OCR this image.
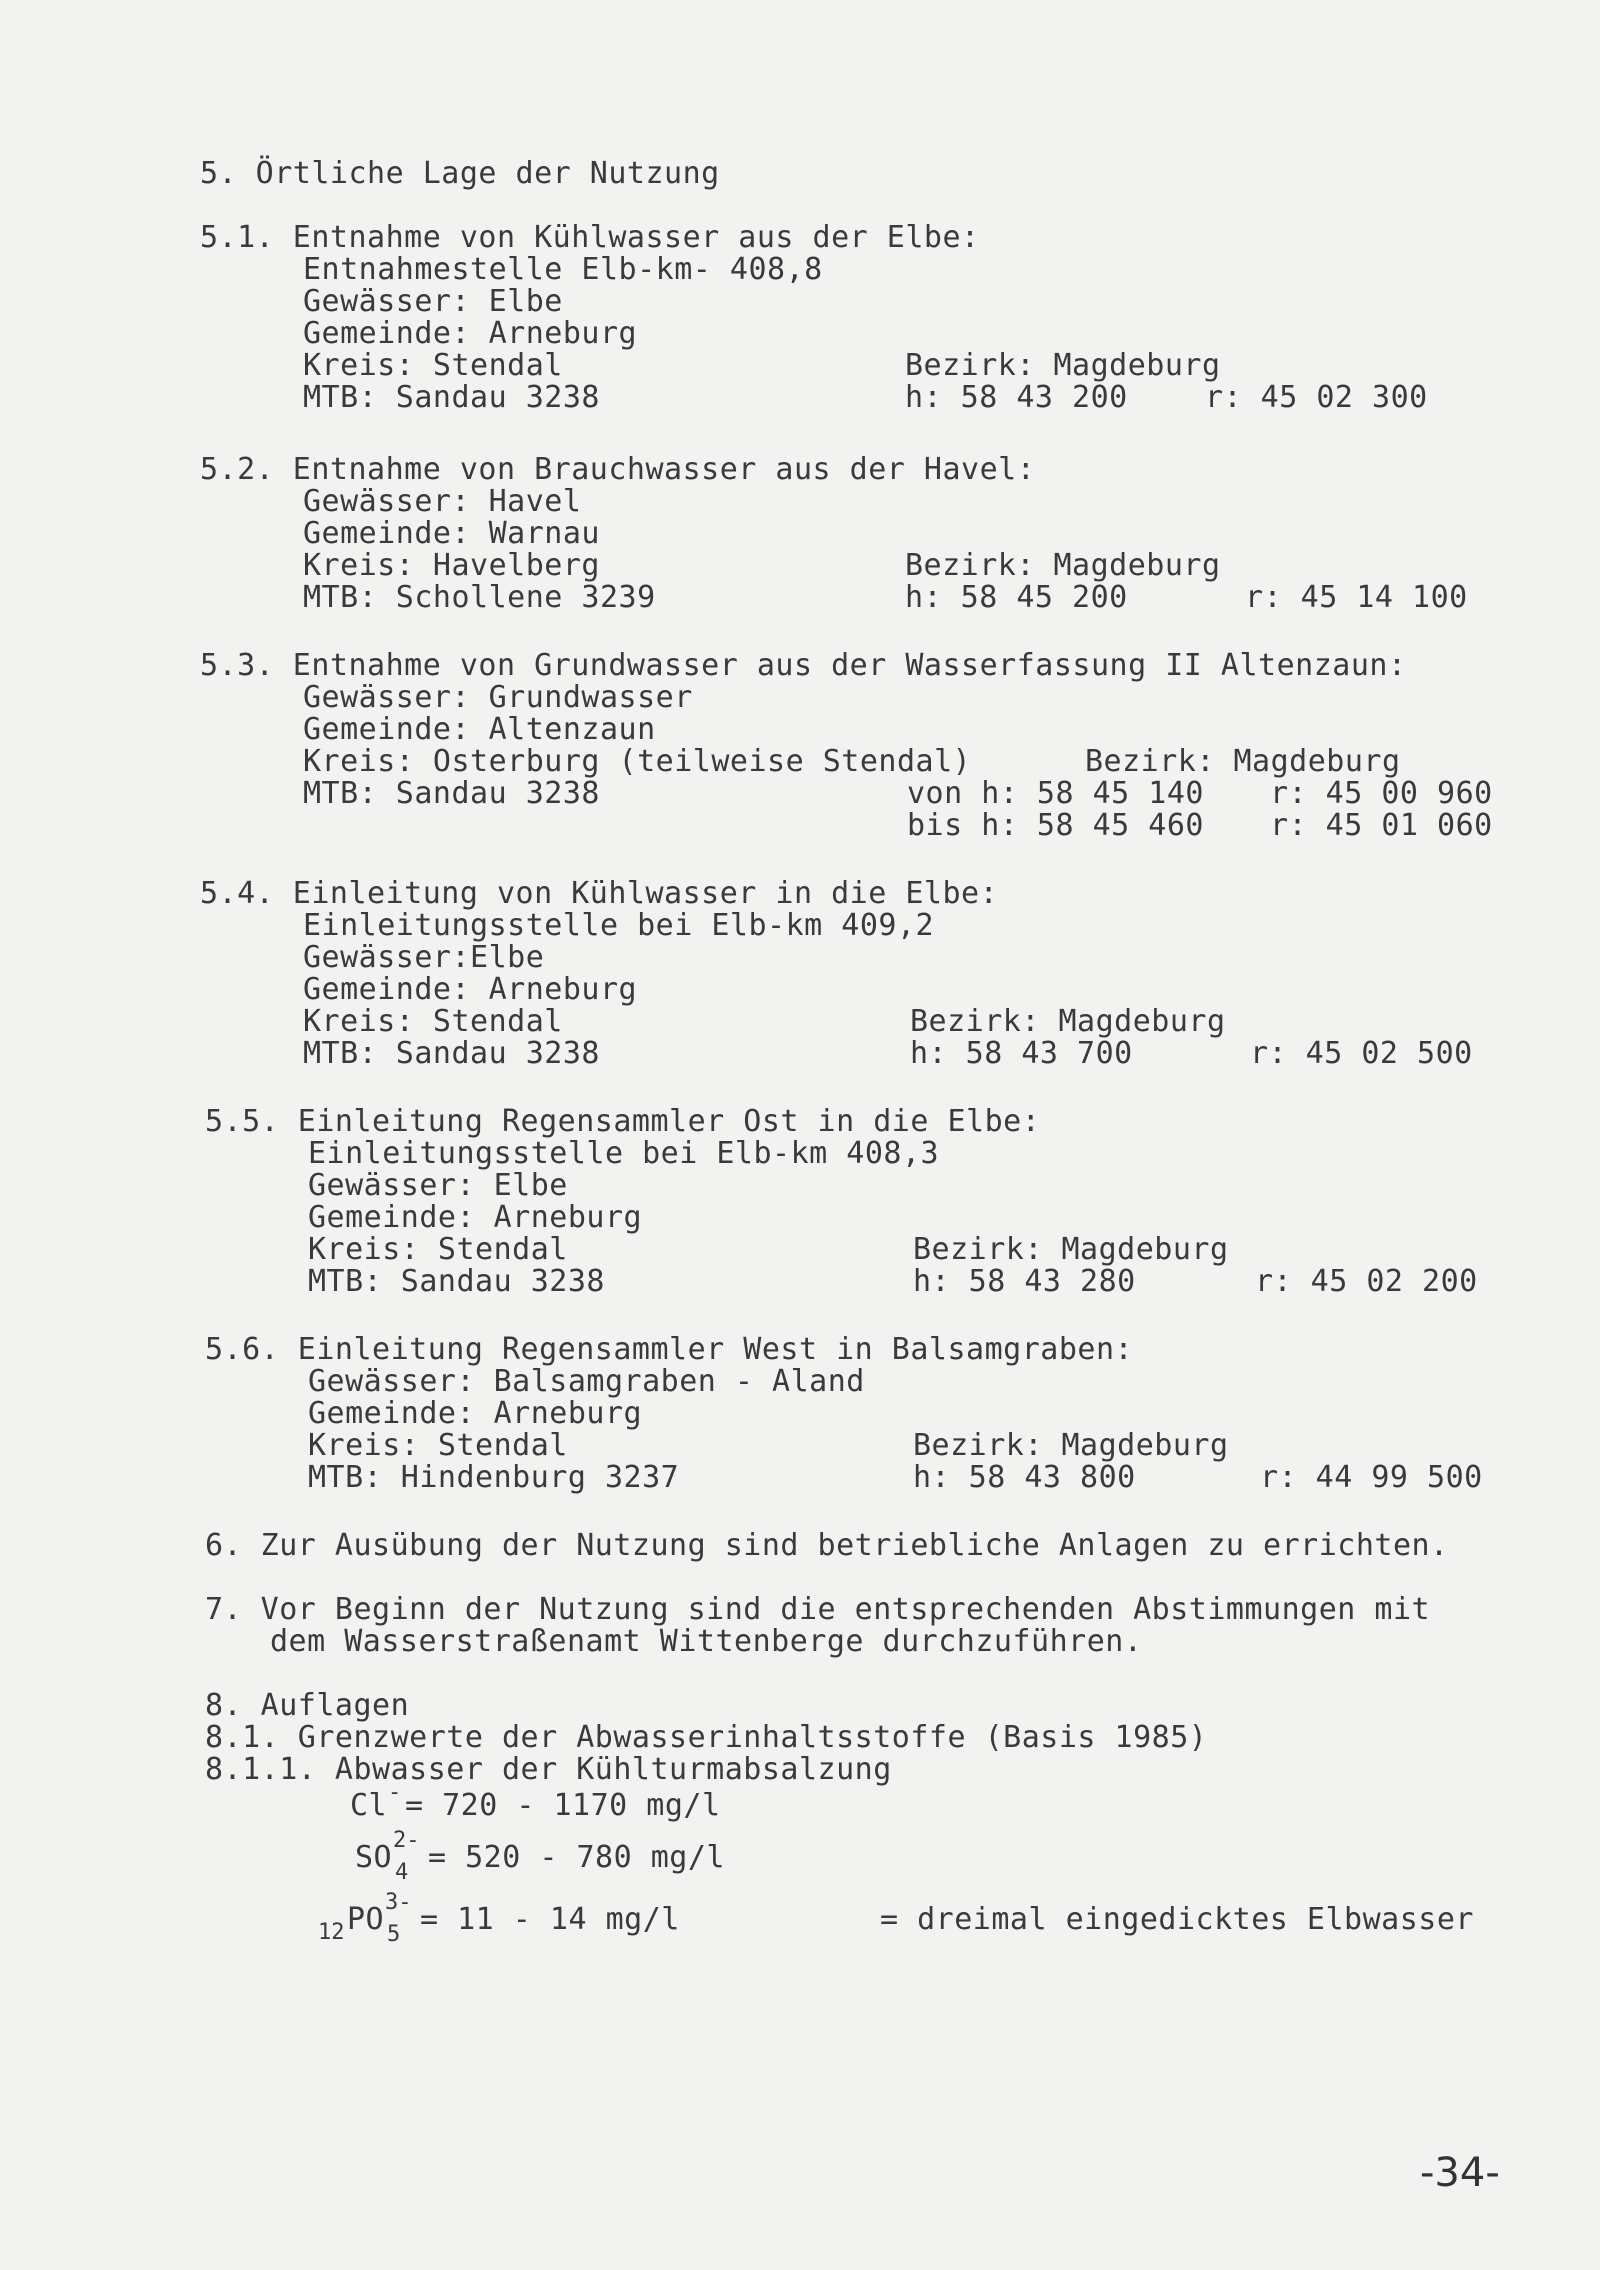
5. Örtliche Lage der Nutzung
5.1. Entnahme von Kühlwasser aus der Elbe:
Entnahmestelle Elb-km- 408,8
Gewässer: Elbe
Gemeinde: Arneburg
Kreis: Stendal	Bezirk: Magdeburg
MTB: Sandau 3238	h: 58 43 200	r: 45 02 300
5.2. Entnahme von Brauchwasser aus der Havel:
Gewässer: Havel
Gemeinde: Warnau
Kreis: Havelberg	Bezirk: Magdeburg
MTB: Schollene 3239	h: 58 45 200	r: 45 14 100
5.3. Entnahme von Grundwasser aus der Wasserfassung II Altenzaun:
Gewässer: Grundwasser
Gemeinde: Altenzaun
Kreis: Osterburg (teilweise Stendal)	Bezirk: Magdeburg
MTB: Sandau 3238	von h: 58 45 140 r: 45 00 960
bis h: 58 45 460 r: 45 01 060
5.4. Einleitung von Kühlwasser in die Elbe:
Einleitungsstelle bei Elb-km 409,2
Gewässer:Elbe
Gemeinde: Arneburg
Kreis: Stendal	Bezirk: Magdeburg
MTB: Sandau 3238	h: 58 43 700	r: 45 02 500
5.5. Einleitung Regensammler Ost in die Elbe:
Einleitungsstelle bei Elb-km 408,3
Gewässer: Elbe
Gemeinde: Arneburg
Kreis: Stendal	Bezirk: Magdeburg
MTB: Sandau 3238	h: 58 43 280	r: 45 02 200
5.6. Einleitung Regensammler West in Balsamgraben:
Gewässer: Balsamgraben - Aland
Gemeinde: Arneburg
Kreis: Stendal	Bezirk: Magdeburg
MTB: Hindenburg 3237	h: 58 43 800	r: 44 99 500
6. Zur Ausübung der Nutzung sind betriebliche Anlagen zu errichten.
7. Vor Beginn der Nutzung sind die entsprechenden Abstimmungen mit
dem Wasserstraßenamt Wittenberge durchzuführen.
8. Auflagen
8.1. Grenzwerte der Abwasserinhaltsstoffe (Basis 1985)
8.1.1. Abwasser der Kühlturmabsalzung
Cl - = 720 - 1170 mg/l
SO 2-
4 = 520 - 780 mg/l
12 PO 3-
5 = 11 - 14 mg/l	= dreimal eingedicktes Elbwasser
-34-
